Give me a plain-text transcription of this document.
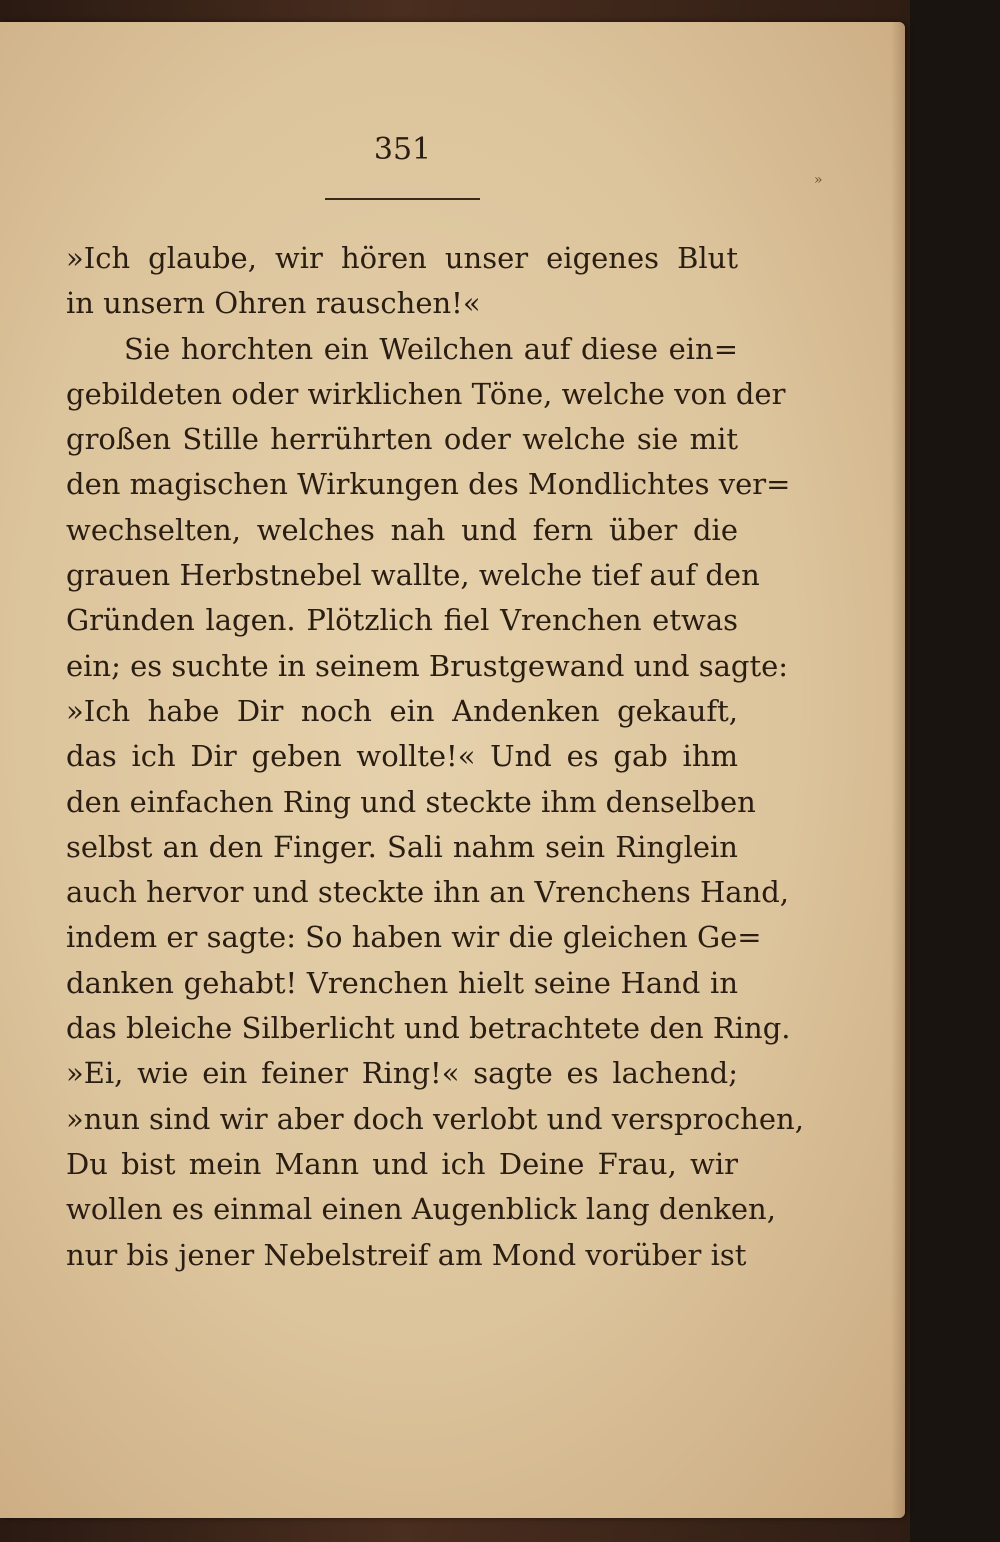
351
»
»Ich glaube, wir hören unser eigenes Blut
in unsern Ohren rauschen!«
Sie horchten ein Weilchen auf diese ein=
gebildeten oder wirklichen Töne, welche von der
großen Stille herrührten oder welche sie mit
den magischen Wirkungen des Mondlichtes ver=
wechselten, welches nah und fern über die
grauen Herbstnebel wallte, welche tief auf den
Gründen lagen. Plötzlich fiel Vrenchen etwas
ein; es suchte in seinem Brustgewand und sagte:
»Ich habe Dir noch ein Andenken gekauft,
das ich Dir geben wollte!« Und es gab ihm
den einfachen Ring und steckte ihm denselben
selbst an den Finger. Sali nahm sein Ringlein
auch hervor und steckte ihn an Vrenchens Hand,
indem er sagte: So haben wir die gleichen Ge=
danken gehabt! Vrenchen hielt seine Hand in
das bleiche Silberlicht und betrachtete den Ring.
»Ei, wie ein feiner Ring!« sagte es lachend;
»nun sind wir aber doch verlobt und versprochen,
Du bist mein Mann und ich Deine Frau, wir
wollen es einmal einen Augenblick lang denken,
nur bis jener Nebelstreif am Mond vorüber ist
